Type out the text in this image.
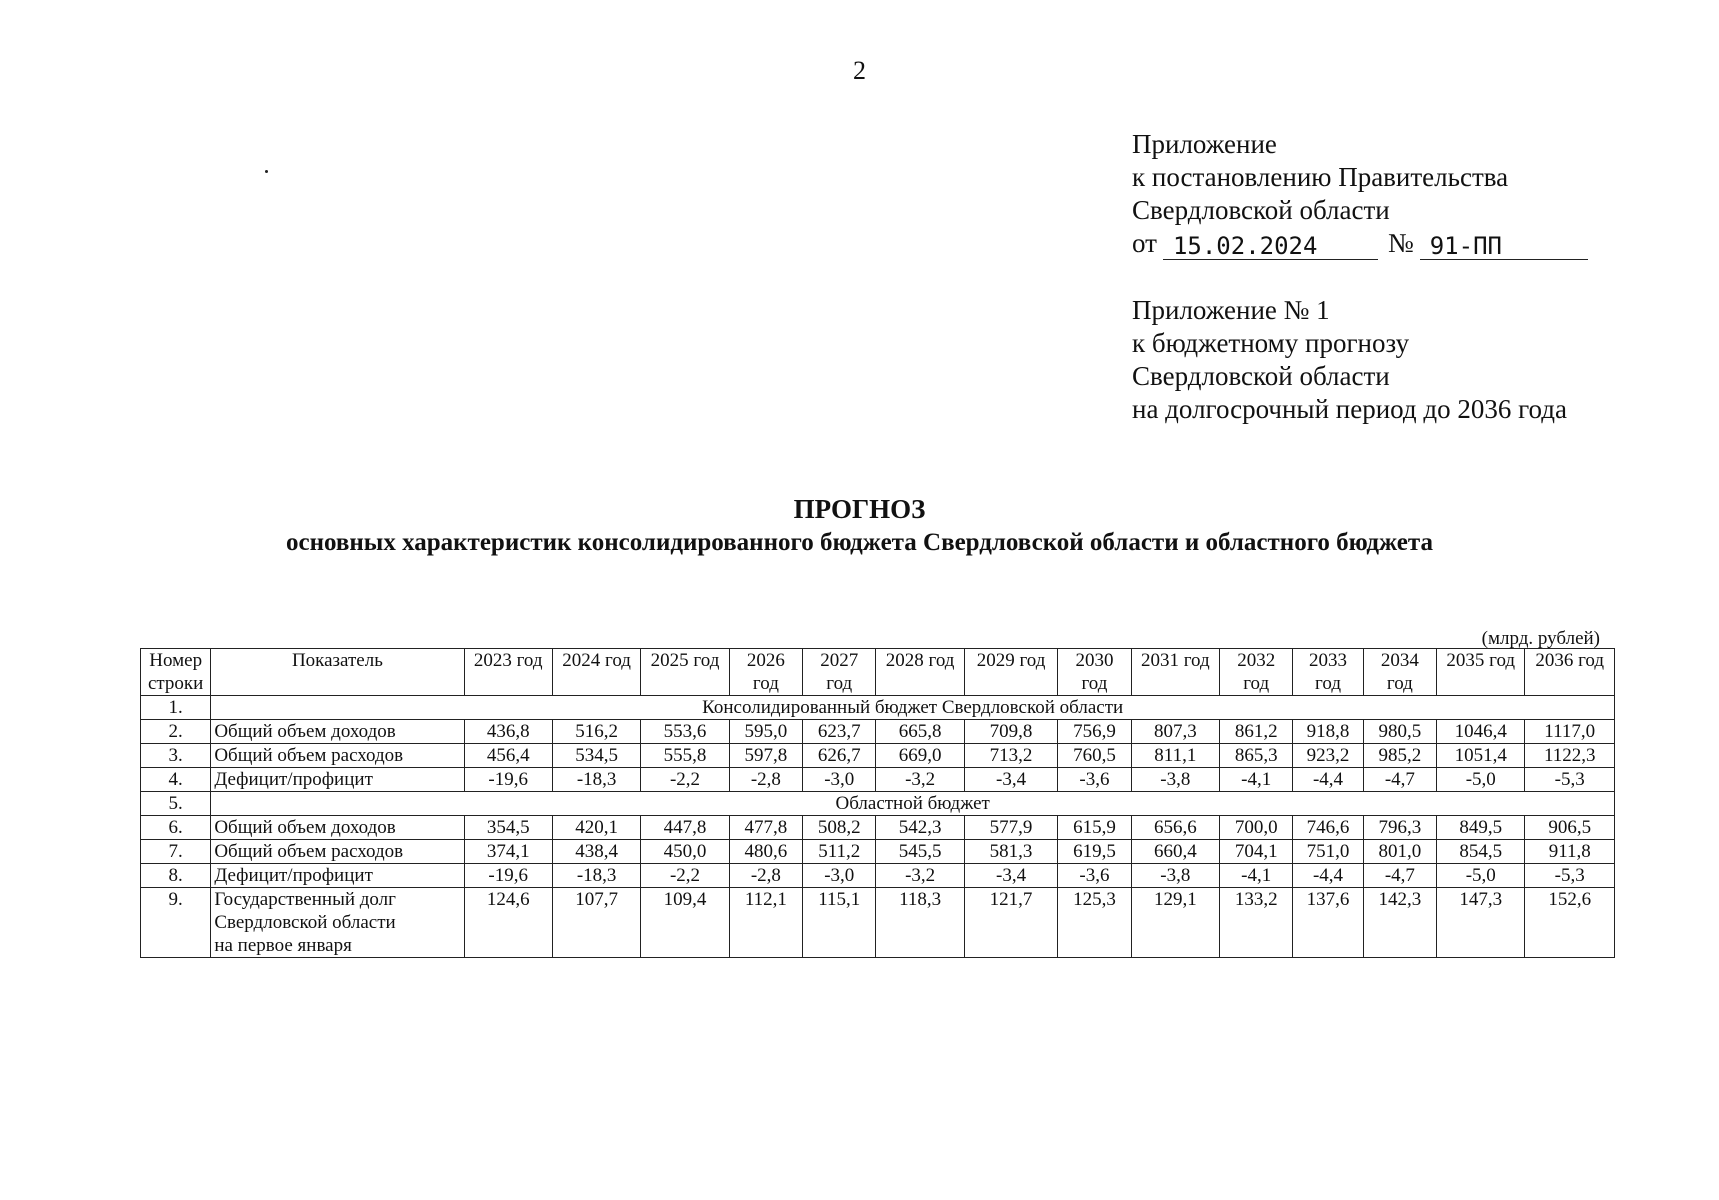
2
Приложение
к постановлению Правительства
Свердловской области
от 15.02.2024	№ 91-ПП
Приложение № 1
к бюджетному прогнозу
Свердловской области
на долгосрочный период до 2036 года
ПРОГНОЗ
основных характеристик консолидированного бюджета Свердловской области и областного бюджета
(млрд. рублей)
Номер строки	Показатель	2023 год	2024 год	2025 год	2026 год	2027 год	2028 год	2029 год	2030 год	2031 год	2032 год	2033 год	2034 год	2035 год	2036 год
1.	Консолидированный бюджет Свердловской области														
2.	Общий объем доходов	436,8	516,2	553,6	595,0	623,7	665,8	709,8	756,9	807,3	861,2	918,8	980,5	1046,4	1117,0
3.	Общий объем расходов	456,4	534,5	555,8	597,8	626,7	669,0	713,2	760,5	811,1	865,3	923,2	985,2	1051,4	1122,3
4.	Дефицит/профицит	-19,6	-18,3	-2,2	-2,8	-3,0	-3,2	-3,4	-3,6	-3,8	-4,1	-4,4	-4,7	-5,0	-5,3
5.	Областной бюджет														
6.	Общий объем доходов	354,5	420,1	447,8	477,8	508,2	542,3	577,9	615,9	656,6	700,0	746,6	796,3	849,5	906,5
7.	Общий объем расходов	374,1	438,4	450,0	480,6	511,2	545,5	581,3	619,5	660,4	704,1	751,0	801,0	854,5	911,8
8.	Дефицит/профицит	-19,6	-18,3	-2,2	-2,8	-3,0	-3,2	-3,4	-3,6	-3,8	-4,1	-4,4	-4,7	-5,0	-5,3
9.	Государственный долг
Свердловской области
на первое января	124,6	107,7	109,4	112,1	115,1	118,3	121,7	125,3	129,1	133,2	137,6	142,3	147,3	152,6
